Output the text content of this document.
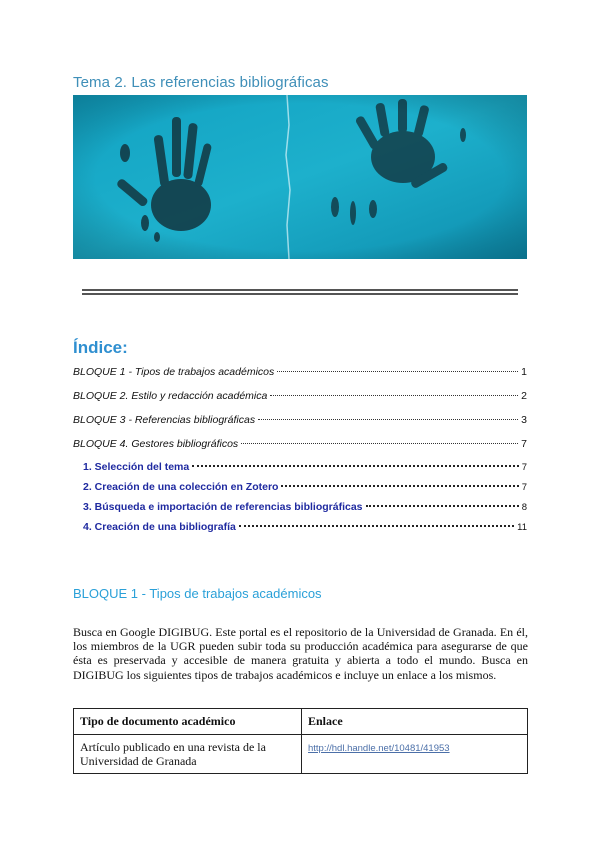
Tema 2. Las referencias bibliográficas
Índice:
BLOQUE 1 - Tipos de trabajos académicos	1
BLOQUE 2. Estilo y redacción académica	2
BLOQUE 3 - Referencias bibliográficas	3
BLOQUE 4. Gestores bibliográficos	7
1. Selección del tema	7
2. Creación de una colección en Zotero	7
3. Búsqueda e importación de referencias bibliográficas	8
4. Creación de una bibliografía	11
BLOQUE 1 - Tipos de trabajos académicos
Busca en Google DIGIBUG. Este portal es el repositorio de la Universidad de Granada. En él, los miembros de la UGR pueden subir toda su producción académica para asegurarse de que ésta es preservada y accesible de manera gratuita y abierta a todo el mundo. Busca en DIGIBUG los siguientes tipos de trabajos académicos e incluye un enlace a los mismos.
Tipo de documento académico	Enlace
Artículo publicado en una revista de la Universidad de Granada	http://hdl.handle.net/10481/41953
